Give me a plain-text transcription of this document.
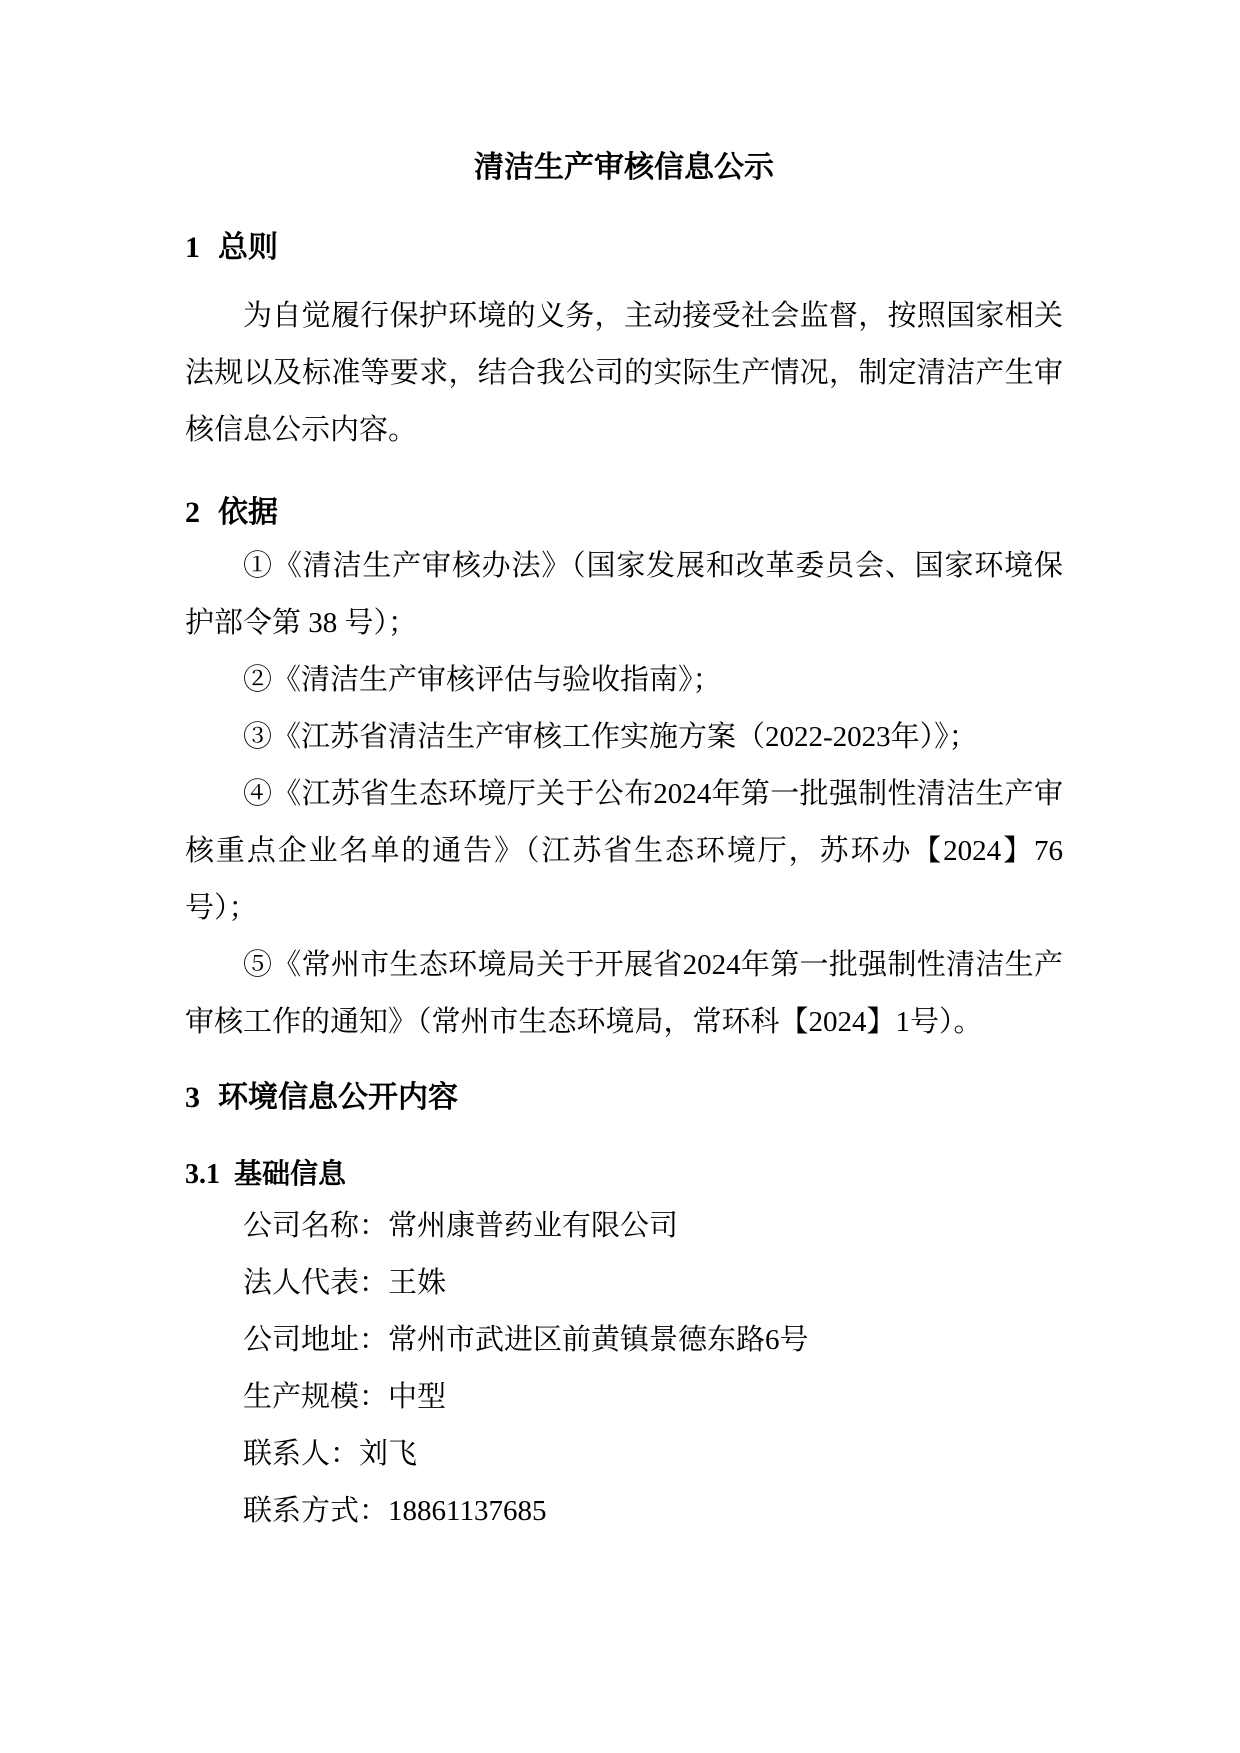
清洁生产审核信息公示
1 总则

为自觉履行保护环境的义务，主动接受社会监督，按照国家相关法规以及标准等要求，结合我公司的实际生产情况，制定清洁产生审核信息公示内容。

2 依据

①《清洁生产审核办法》（国家发展和改革委员会、国家环境保护部令第 38 号）；

②《清洁生产审核评估与验收指南》；

③《江苏省清洁生产审核工作实施方案（2022-2023年）》；

④《江苏省生态环境厅关于公布2024年第一批强制性清洁生产审核重点企业名单的通告》（江苏省生态环境厅，苏环办【2024】76号）；

⑤《常州市生态环境局关于开展省2024年第一批强制性清洁生产审核工作的通知》（常州市生态环境局，常环科【2024】1号）。

3 环境信息公开内容
3.1 基础信息

公司名称：常州康普药业有限公司

法人代表：王姝

公司地址：常州市武进区前黄镇景德东路6号

生产规模：中型

联系人：刘飞

联系方式：18861137685
